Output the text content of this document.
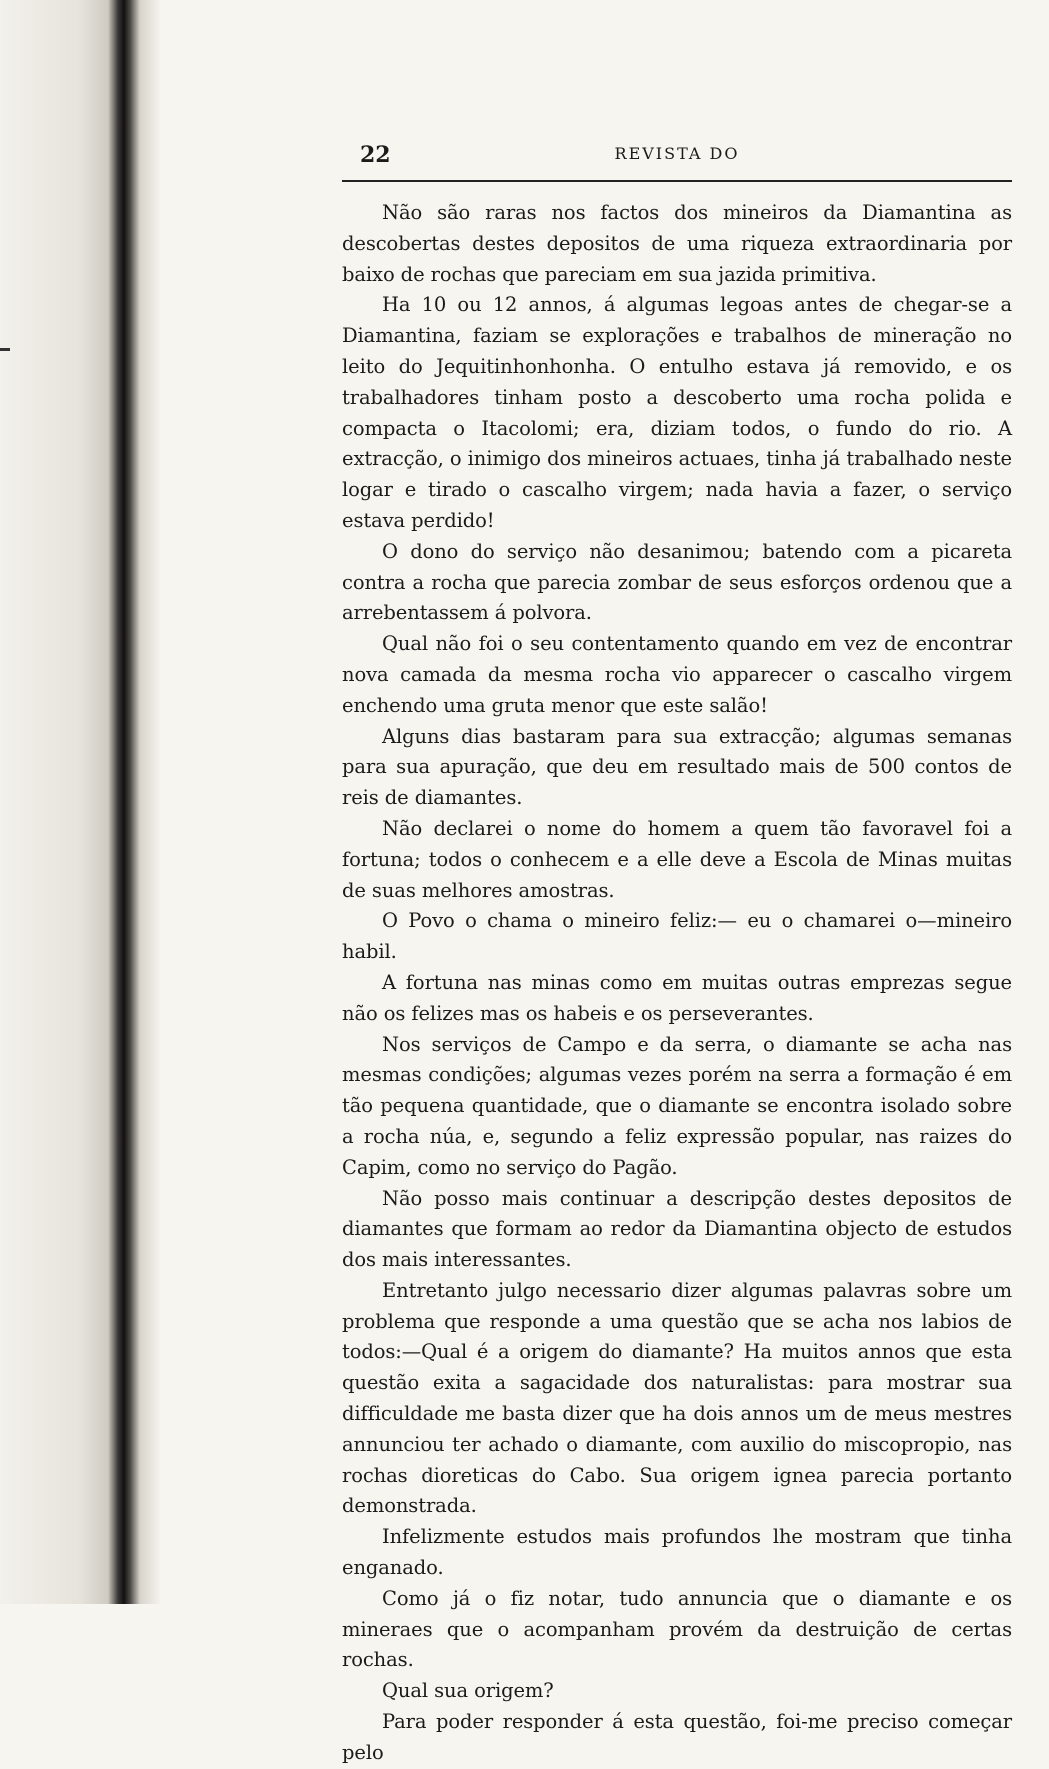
22	REVISTA DO

Não são raras nos factos dos mineiros da Diamantina as descobertas destes depositos de uma riqueza extraordinaria por baixo de rochas que pareciam em sua jazida primitiva.

Ha 10 ou 12 annos, á algumas legoas antes de chegar-se a Diamantina, faziam se explorações e trabalhos de mineração no leito do Jequitinhonhonha. O entulho estava já removido, e os trabalhadores tinham posto a descoberto uma rocha polida e compacta o Itacolomi; era, diziam todos, o fundo do rio. A extracção, o inimigo dos mineiros actuaes, tinha já trabalhado neste logar e tirado o cascalho virgem; nada havia a fazer, o serviço estava perdido!

O dono do serviço não desanimou; batendo com a picareta contra a rocha que parecia zombar de seus esforços ordenou que a arrebentassem á polvora.

Qual não foi o seu contentamento quando em vez de encontrar nova camada da mesma rocha vio apparecer o cascalho virgem enchendo uma gruta menor que este salão!

Alguns dias bastaram para sua extracção; algumas semanas para sua apuração, que deu em resultado mais de 500 contos de reis de diamantes.

Não declarei o nome do homem a quem tão favoravel foi a fortuna; todos o conhecem e a elle deve a Escola de Minas muitas de suas melhores amostras.

O Povo o chama o mineiro feliz:— eu o chamarei o—mineiro habil.

A fortuna nas minas como em muitas outras emprezas segue não os felizes mas os habeis e os perseverantes.

Nos serviços de Campo e da serra, o diamante se acha nas mesmas condições; algumas vezes porém na serra a formação é em tão pequena quantidade, que o diamante se encontra isolado sobre a rocha núa, e, segundo a feliz expressão popular, nas raizes do Capim, como no serviço do Pagão.

Não posso mais continuar a descripção destes depositos de diamantes que formam ao redor da Diamantina objecto de estudos dos mais interessantes.

Entretanto julgo necessario dizer algumas palavras sobre um problema que responde a uma questão que se acha nos labios de todos:—Qual é a origem do diamante? Ha muitos annos que esta questão exita a sagacidade dos naturalistas: para mostrar sua difficuldade me basta dizer que ha dois annos um de meus mestres annunciou ter achado o diamante, com auxilio do miscopropio, nas rochas dioreticas do Cabo. Sua origem ignea parecia portanto demonstrada.

Infelizmente estudos mais profundos lhe mostram que tinha enganado.

Como já o fiz notar, tudo annuncia que o diamante e os mineraes que o acompanham provém da destruição de certas rochas.

Qual sua origem?

Para poder responder á esta questão, foi-me preciso começar pelo
